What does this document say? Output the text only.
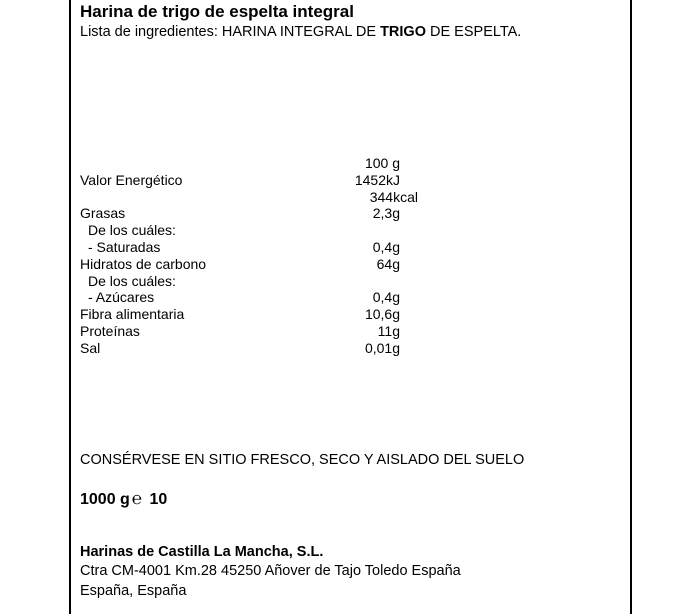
Harina de trigo de espelta integral
Lista de ingredientes: HARINA INTEGRAL DE TRIGO DE ESPELTA.
100 g
Valor Energético	1452kJ
344kcal
Grasas	2,3g
De los cuáles:
- Saturadas	0,4g
Hidratos de carbono	64g
De los cuáles:
- Azúcares	0,4g
Fibra alimentaria	10,6g
Proteínas	11g
Sal	0,01g
CONSÉRVESE EN SITIO FRESCO, SECO Y AISLADO DEL SUELO
1000 g ℮ 10
Harinas de Castilla La Mancha, S.L.
Ctra CM-4001 Km.28 45250 Añover de Tajo Toledo España
España, España
